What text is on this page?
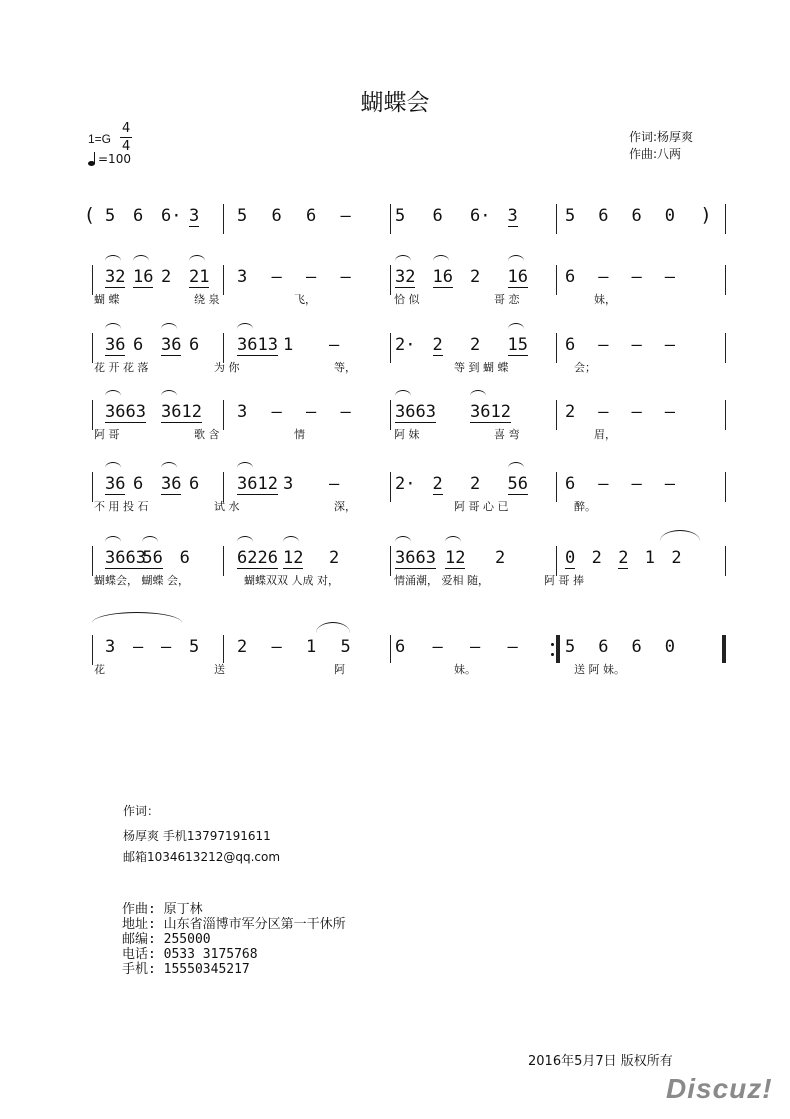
蝴蝶会
1=G
4
4
=100
作词:杨厚爽
作曲:八两
(	)
5 6 6· 3 5 6 6 –	5 6 6· 3	5 6 6 0
32 16 2 21 3 – – –	32 16 2 16 6 – – –
蝴 蝶	绕 泉	飞，	恰 似	哥 恋	妹，
36 6 36 6 3613 1 –	2· 2 2 15 6 – – –
花 开 花 落	为 你	等，	等 到 蝴 蝶	会；
3663 3612 3 – – –	3663 3612	2 – – –
阿 哥	歌 含	情	阿 妹	喜 弯	眉，
36 6 36 6 3612 3 –	2· 2 2 56 6 – – –
不 用 投 石	试 水	深，	阿 哥 心 已	醉。
3663
56 6	6226 12 2	3663 12 2	0 2 2 1 2
蝴蝶会， 蝴蝶 会，	蝴蝶双双 人成 对，	情涌潮， 爱相 随，	阿 哥 捧
3 – – 5 2 – 1 5	6 – – –	5 6 6 0
花	送	阿	妹。	送 阿 妹。
作词：
杨厚爽 手机13797191611
邮箱1034613212@qq.com
作曲: 原丁林
地址: 山东省淄博市军分区第一干休所
邮编: 255000
电话: 0533 3175768
手机: 15550345217
2016年5月7日 版权所有
Discuz!
